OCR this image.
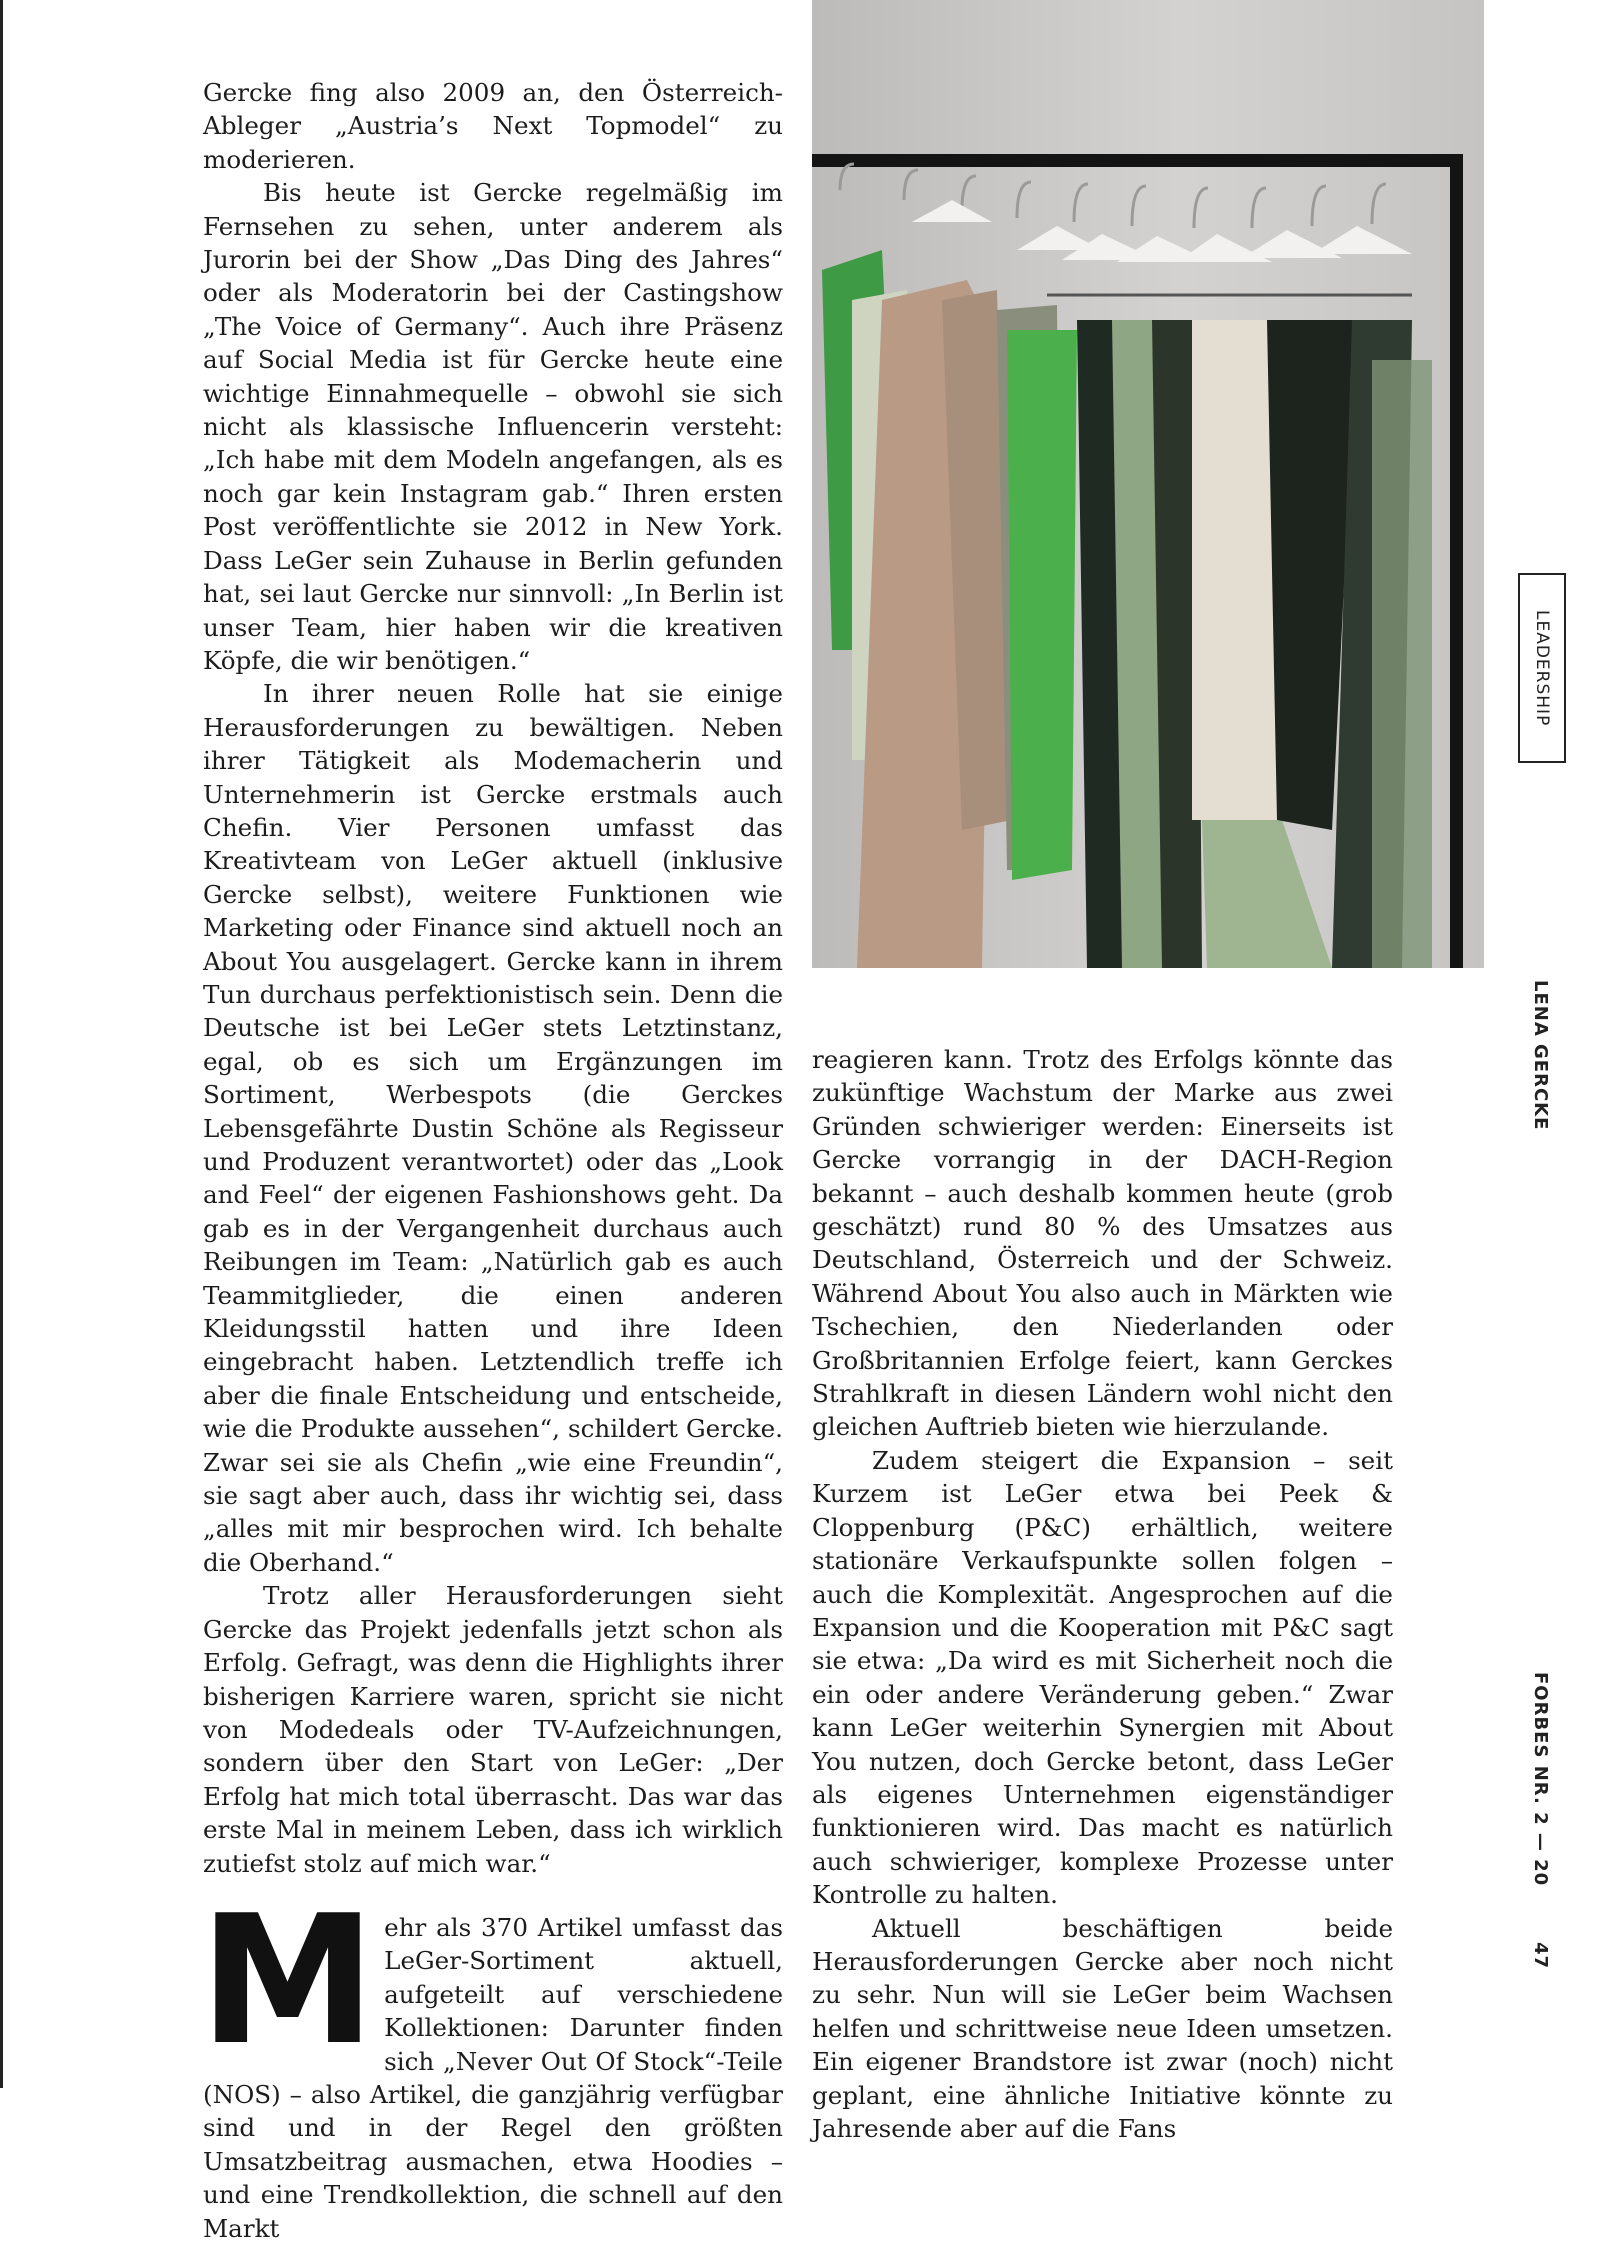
Gercke fing also 2009 an, den Österreich-Ableger „Austria’s Next Topmodel“ zu moderieren.

Bis heute ist Gercke regelmäßig im Fernsehen zu sehen, unter anderem als Jurorin bei der Show „Das Ding des Jahres“ oder als Moderatorin bei der Castingshow „The Voice of Germany“. Auch ihre Präsenz auf Social Media ist für Gercke heute eine wichtige Einnahmequelle – obwohl sie sich nicht als klassische Influencerin versteht: „Ich habe mit dem Modeln angefangen, als es noch gar kein Instagram gab.“ Ihren ersten Post veröffentlichte sie 2012 in New York. Dass LeGer sein Zuhause in Berlin gefunden hat, sei laut Gercke nur sinnvoll: „In Berlin ist unser Team, hier haben wir die kreativen Köpfe, die wir benötigen.“

In ihrer neuen Rolle hat sie einige Herausforderungen zu bewältigen. Neben ihrer Tätigkeit als Modemacherin und Unternehmerin ist Gercke erstmals auch Chefin. Vier Personen umfasst das Kreativteam von LeGer aktuell (inklusive Gercke selbst), weitere Funktionen wie Marketing oder Finance sind aktuell noch an About You ausgelagert. Gercke kann in ihrem Tun durchaus perfektionistisch sein. Denn die Deutsche ist bei LeGer stets Letztinstanz, egal, ob es sich um Ergänzungen im Sortiment, Werbespots (die Gerckes Lebensgefährte Dustin Schöne als Regisseur und Produzent verantwortet) oder das „Look and Feel“ der eigenen Fashionshows geht. Da gab es in der Vergangenheit durchaus auch Reibungen im Team: „Natürlich gab es auch Teammitglieder, die einen anderen Kleidungsstil hatten und ihre Ideen eingebracht haben. Letztendlich treffe ich aber die finale Entscheidung und entscheide, wie die Produkte aussehen“, schildert Gercke. Zwar sei sie als Chefin „wie eine Freundin“, sie sagt aber auch, dass ihr wichtig sei, dass „alles mit mir besprochen wird. Ich behalte die Oberhand.“

Trotz aller Herausforderungen sieht Gercke das Projekt jedenfalls jetzt schon als Erfolg. Gefragt, was denn die Highlights ihrer bisherigen Karriere waren, spricht sie nicht von Modedeals oder TV-Aufzeichnungen, sondern über den Start von LeGer: „Der Erfolg hat mich total überrascht. Das war das erste Mal in meinem Leben, dass ich wirklich zutiefst stolz auf mich war.“

Mehr als 370 Artikel umfasst das LeGer-Sortiment aktuell, aufgeteilt auf verschiedene Kollektionen: Darunter finden sich „Never Out Of Stock“-Teile (NOS) – also Artikel, die ganzjährig verfügbar sind und in der Regel den größten Umsatzbeitrag ausmachen, etwa Hoodies – und eine Trendkollektion, die schnell auf den Markt

reagieren kann. Trotz des Erfolgs könnte das zukünftige Wachstum der Marke aus zwei Gründen schwieriger werden: Einerseits ist Gercke vorrangig in der DACH-Region bekannt – auch deshalb kommen heute (grob geschätzt) rund 80 % des Umsatzes aus Deutschland, Österreich und der Schweiz. Während About You also auch in Märkten wie Tschechien, den Niederlanden oder Großbritannien Erfolge feiert, kann Gerckes Strahlkraft in diesen Ländern wohl nicht den gleichen Auftrieb bieten wie hierzulande.

Zudem steigert die Expansion – seit Kurzem ist LeGer etwa bei Peek & Cloppenburg (P&C) erhältlich, weitere stationäre Verkaufspunkte sollen folgen – auch die Komplexität. Angesprochen auf die Expansion und die Kooperation mit P&C sagt sie etwa: „Da wird es mit Sicherheit noch die ein oder andere Veränderung geben.“ Zwar kann LeGer weiterhin Synergien mit About You nutzen, doch Gercke betont, dass LeGer als eigenes Unternehmen eigenständiger funktionieren wird. Das macht es natürlich auch schwieriger, komplexe Prozesse unter Kontrolle zu halten.

Aktuell beschäftigen beide Herausforderungen Gercke aber noch nicht zu sehr. Nun will sie LeGer beim Wachsen helfen und schrittweise neue Ideen umsetzen. Ein eigener Brandstore ist zwar (noch) nicht geplant, eine ähnliche Initiative könnte zu Jahresende aber auf die Fans

LEADERSHIP
LENA GERCKE
FORBES NR. 2 — 20
47
